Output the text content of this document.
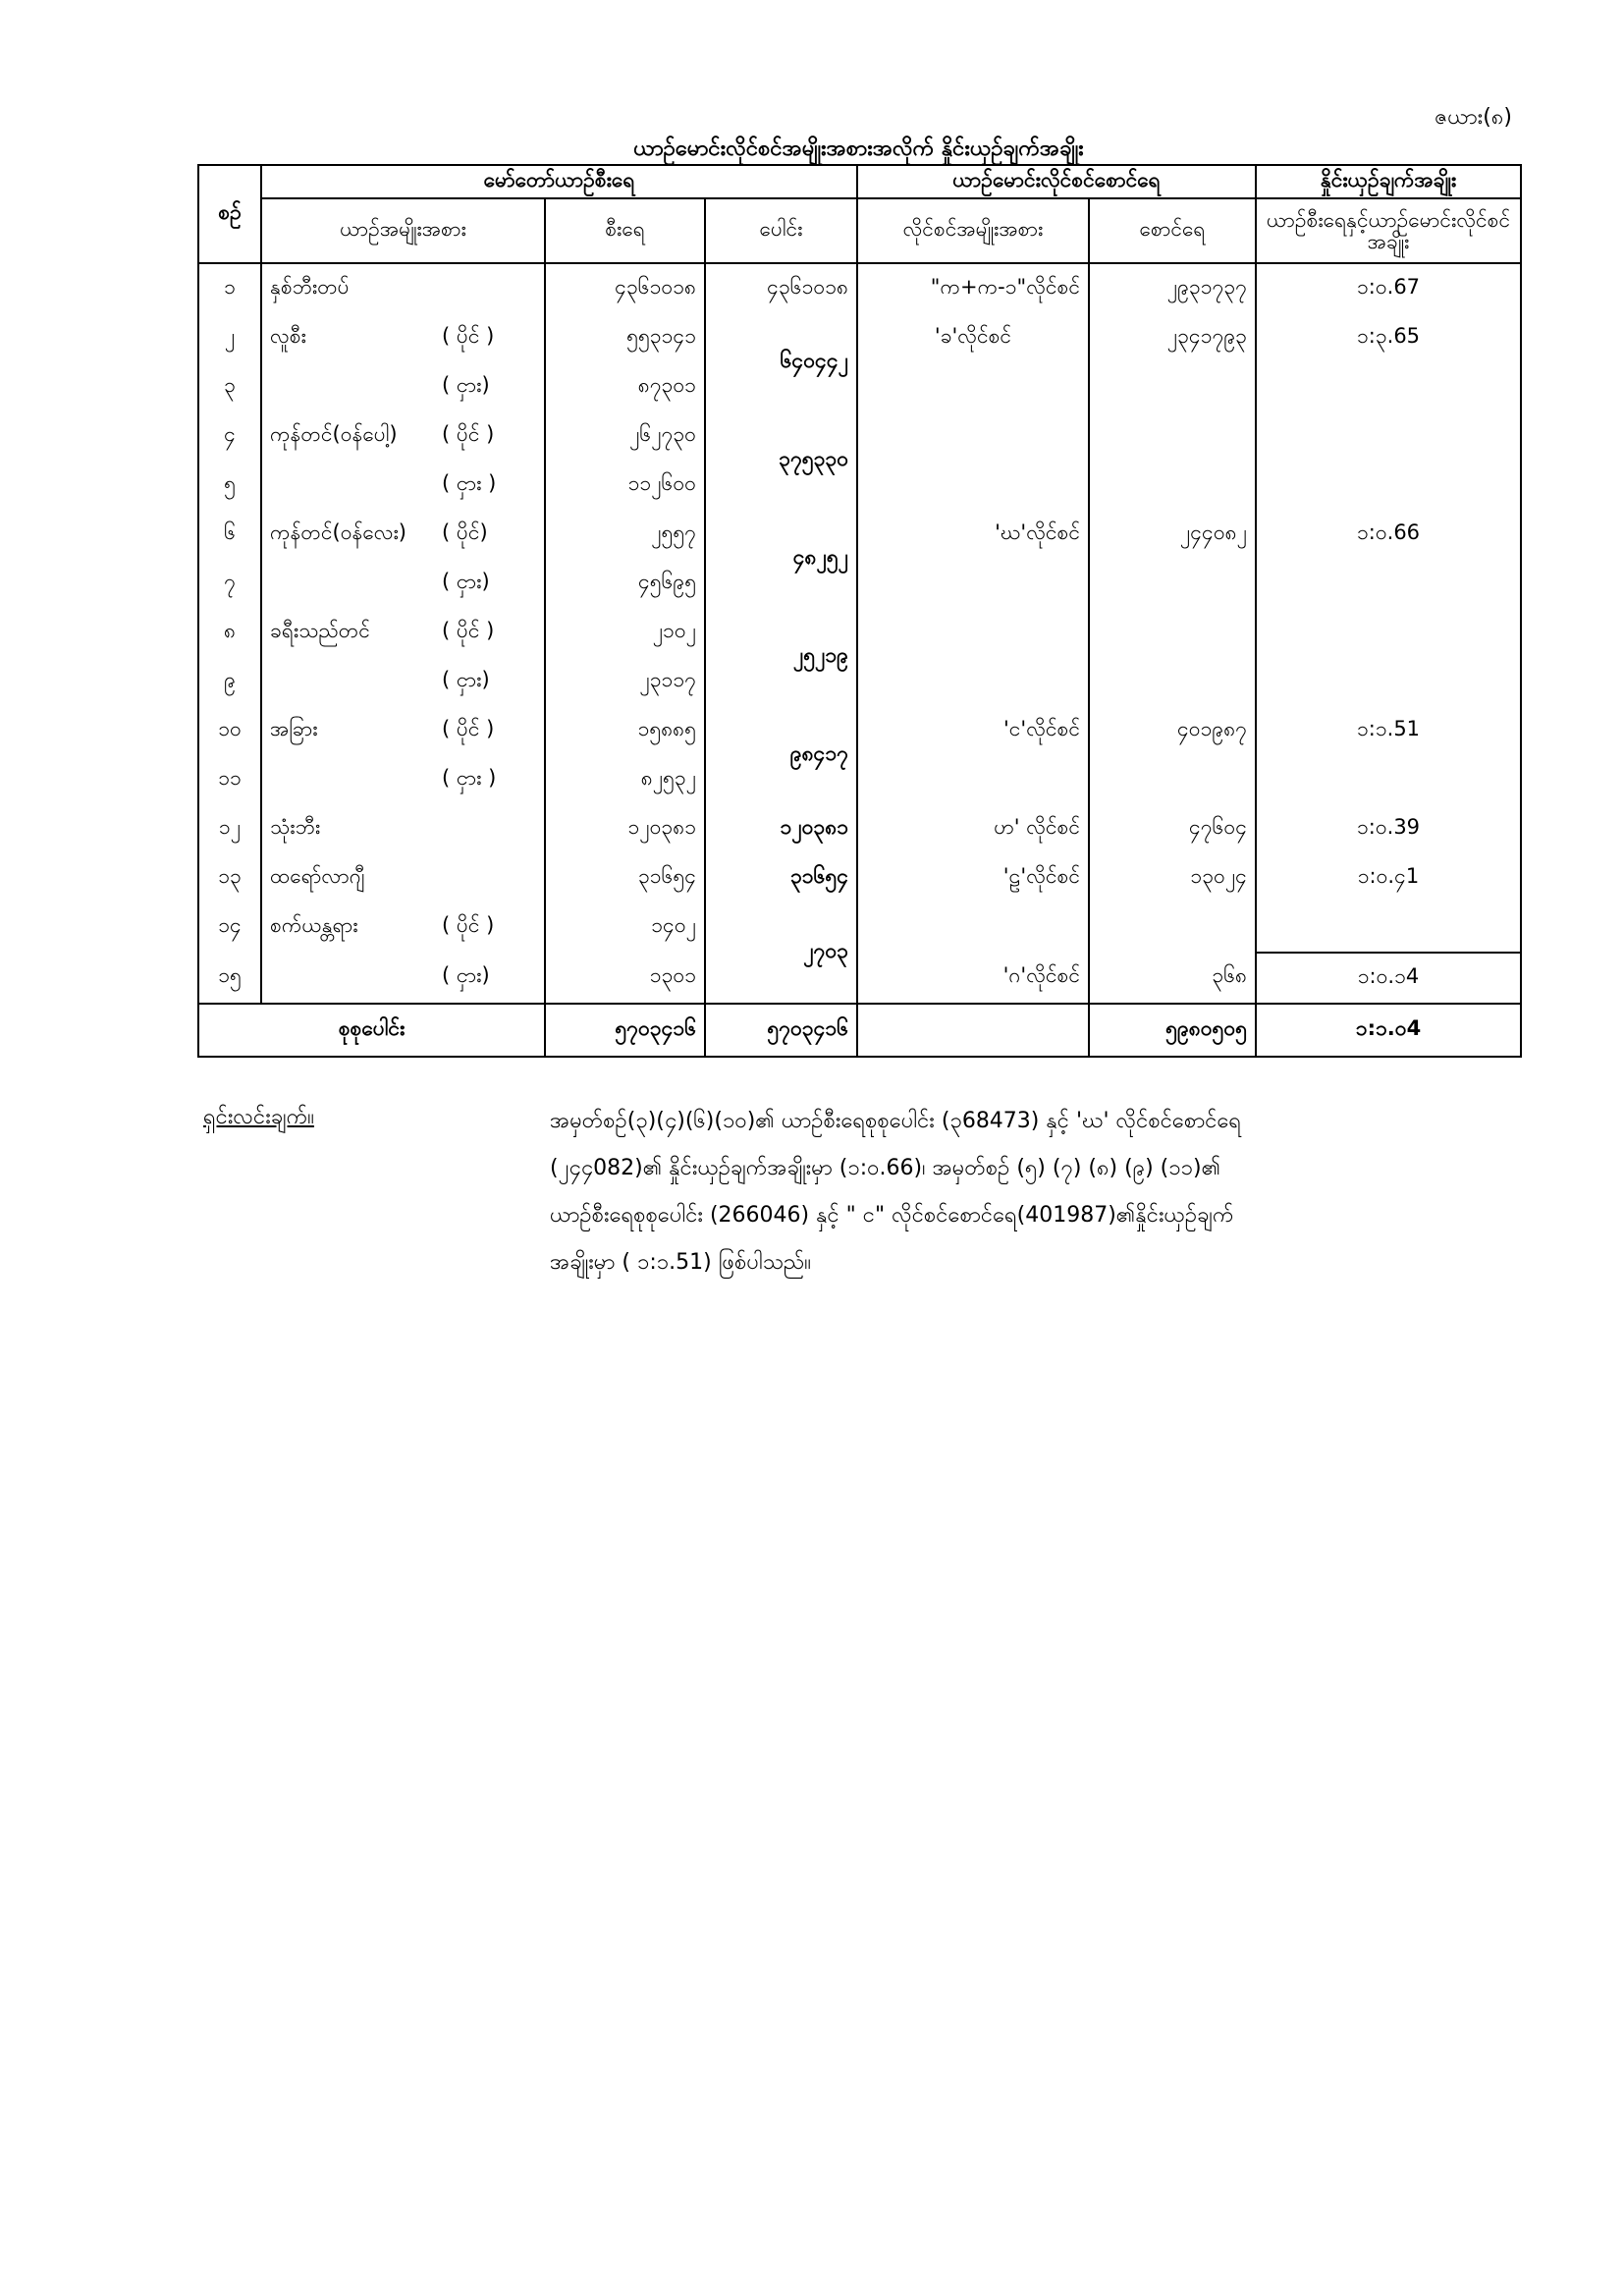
ဇယား(၈)
ယာဉ်မောင်းလိုင်စင်အမျိုးအစားအလိုက် နှိုင်းယှဉ်ချက်အချိုး
စဉ်	မော်တော်ယာဉ်စီးရေ			ယာဉ်မောင်းလိုင်စင်စောင်ရေ		နှိုင်းယှဉ်ချက်အချိုး
	ယာဉ်အမျိုးအစား	စီးရေ	ပေါင်း	လိုင်စင်အမျိုးအစား	စောင်ရေ	ယာဉ်စီးရေနှင့်ယာဉ်မောင်းလိုင်စင်အချိုး
၁	နှစ်ဘီးတပ်	၄၃၆၁၀၁၈	၄၃၆၁၀၁၈	"က+က-၁"လိုင်စင်	၂၉၃၁၇၃၇	၁:၀.67
၂	လူစီး ( ပိုင် )	၅၅၃၁၄၁	၆၄၀၄၄၂	'ခ'လိုင်စင်	၂၃၄၁၇၉၃	၁:၃.65
၃	( ငှား)	၈၇၃၀၁				
၄	ကုန်တင်(ဝန်ပေါ့) ( ပိုင် )	၂၆၂၇၃၀	၃၇၅၃၃၀			
၅	( ငှား )	၁၁၂၆၀၀				
၆	ကုန်တင်(ဝန်လေး) ( ပိုင်)	၂၅၅၇	၄၈၂၅၂	'ဃ'လိုင်စင်	၂၄၄၀၈၂	၁:၀.66
၇	( ငှား)	၄၅၆၉၅				
၈	ခရီးသည်တင် ( ပိုင် )	၂၁၀၂	၂၅၂၁၉			
၉	( ငှား)	၂၃၁၁၇				
၁၀	အခြား ( ပိုင် )	၁၅၈၈၅	၉၈၄၁၇	'င'လိုင်စင်	၄၀၁၉၈၇	၁:၁.51
၁၁	( ငှား )	၈၂၅၃၂				
၁၂	သုံးဘီး	၁၂၀၃၈၁	၁၂၀၃၈၁	ဟ' လိုင်စင်	၄၇၆၀၄	၁:၀.39
၁၃	ထရော်လာဂျီ	၃၁၆၅၄	၃၁၆၅၄	'ဠ'လိုင်စင်	၁၃၀၂၄	၁:၀.၄1
၁၄	စက်ယန္တရား ( ပိုင် )	၁၄၀၂	၂၇၀၃			
၁၅	( ငှား)	၁၃၀၁		'ဂ'လိုင်စင်	၃၆၈	၁:၀.၁4
စုစုပေါင်း		၅၇၀၃၄၁၆	၅၇၀၃၄၁၆		၅၉၈၀၅၀၅	၁:၁.၀4
ရှင်းလင်းချက်။	အမှတ်စဉ်(၃)(၄)(၆)(၁၀)၏ ယာဉ်စီးရေစုစုပေါင်း (၃68473) နှင့် 'ဃ' လိုင်စင်စောင်ရေ
(၂၄၄082)၏ နှိုင်းယှဉ်ချက်အချိုးမှာ (၁:၀.66)၊ အမှတ်စဉ် (၅) (၇) (၈) (၉) (၁၁)၏
ယာဉ်စီးရေစုစုပေါင်း (266046) နှင့် " င" လိုင်စင်စောင်ရေ(401987)၏နှိုင်းယှဉ်ချက်
အချိုးမှာ ( ၁:၁.51) ဖြစ်ပါသည်။
